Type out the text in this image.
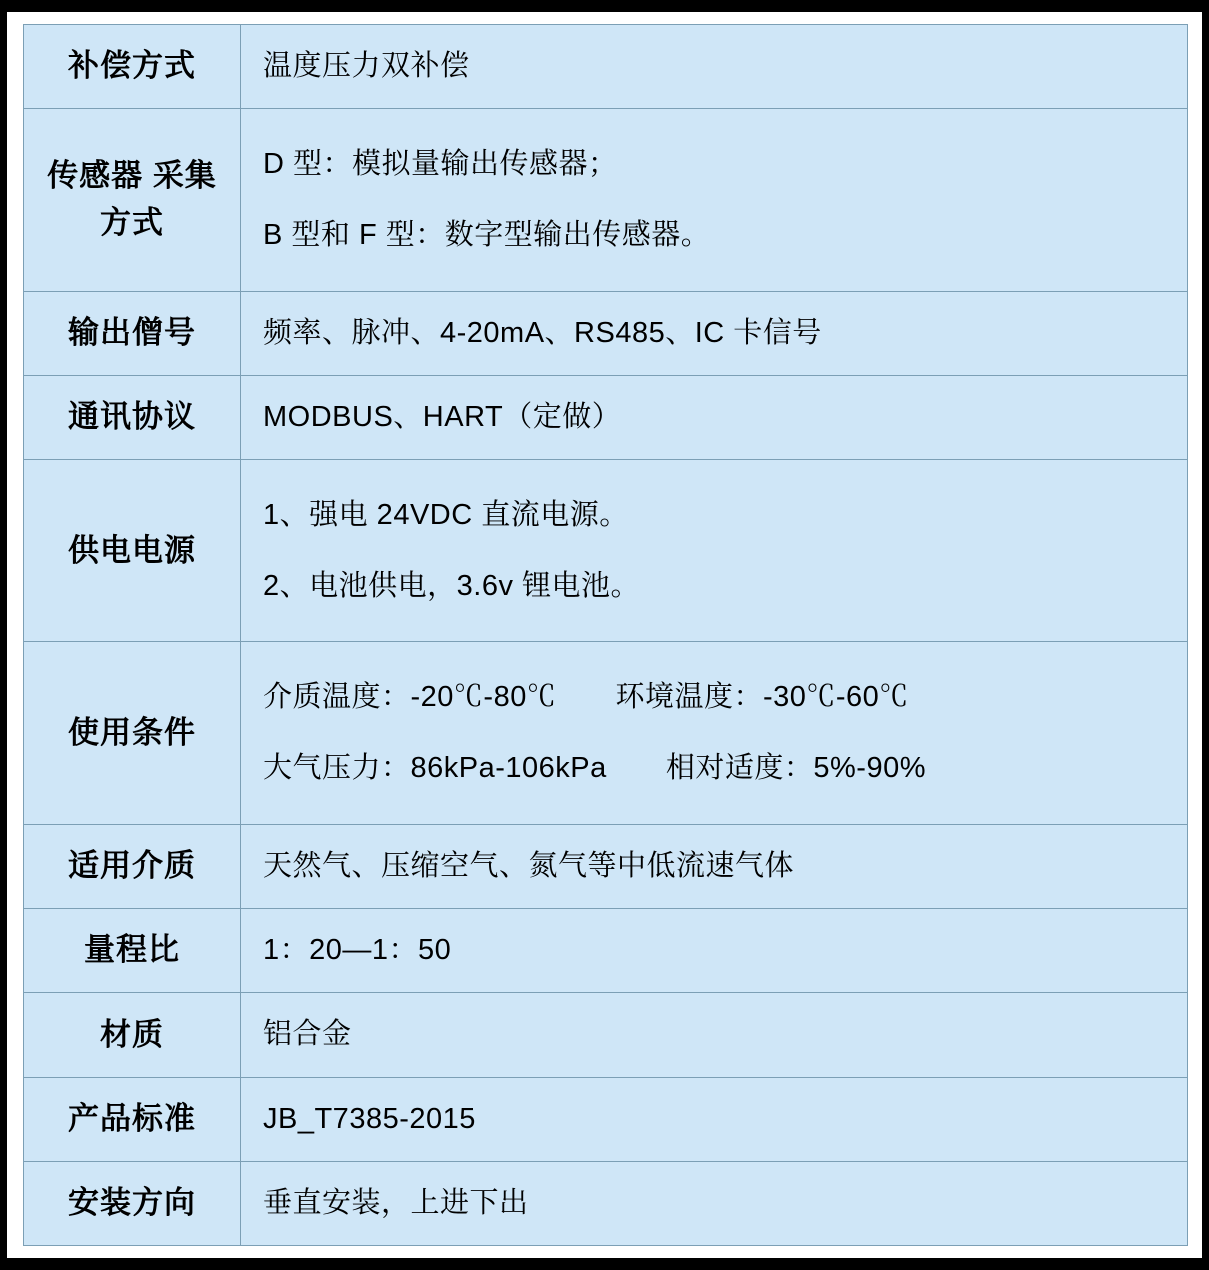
补偿方式	温度压力双补偿

传感器 采集方式	D 型：模拟量输出传感器；
B 型和 F 型：数字型输出传感器。

输出僧号	频率、脉冲、4-20mA、RS485、IC 卡信号

通讯协议	MODBUS、HART（定做）

供电电源	1、强电 24VDC 直流电源。
2、电池供电，3.6v 锂电池。

使用条件	介质温度：-20℃-80℃ 环境温度：-30℃-60℃
大气压力：86kPa-106kPa 相对适度：5%-90%

适用介质	天然气、压缩空气、氮气等中低流速气体

量程比	1：20—1：50

材质	铝合金

产品标准	JB_T7385-2015

安装方向	垂直安装，上进下出
